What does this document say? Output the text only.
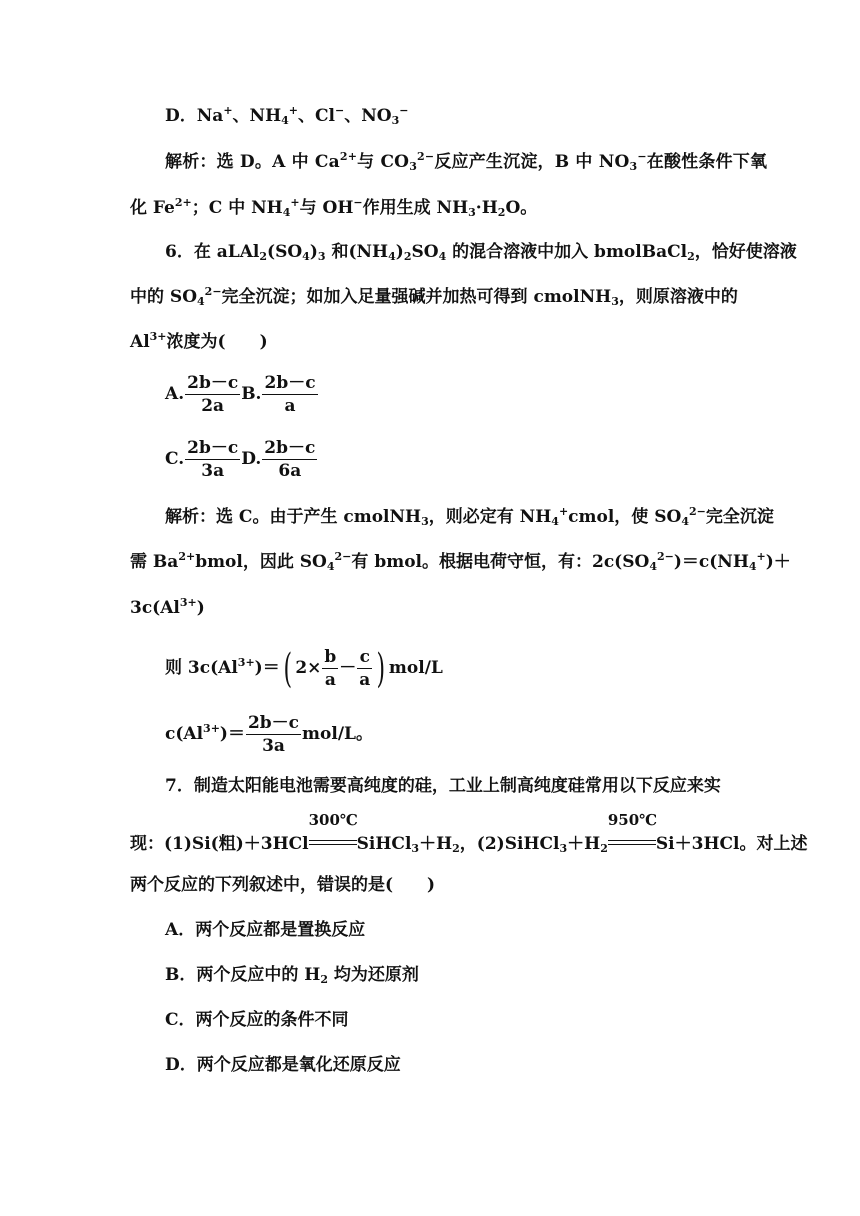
D．Na+、$NH_4^+$、Cl−、$NO_3^-$
解析：选 D。A 中 $Ca^{2+}$与 $CO_3^{2-}$反应产生沉淀，B 中 $NO_3^-$在酸性条件下氧
化 $Fe^{2+}$；C 中 $NH_4^+$与 OH−作用生成 $NH_3\cdot H_2O$。
6．在 $aLAl_2(SO_4)_3$ 和$(NH_4)_2SO_4$ 的混合溶液中加入 bmolBaCl$_2$，恰好使溶液
中的 $SO_4^{2-}$完全沉淀；如加入足量强碱并加热可得到 cmolNH$_3$，则原溶液中的
$Al^{3+}$浓度为(　　)
A. $\frac{2b-c}{2a} B$. $\frac{2b-c}{a}$
C. $\frac{2b-c}{3a} D$. $\frac{2b-c}{6a}$
解析：选 C。由于产生 cmolNH$_3$，则必定有 $NH_4^+cmol$，使 $SO_4^{2-}$完全沉淀
需 $Ba^{2+}bmol$，因此 $SO_4^{2-}$有 bmol。根据电荷守恒，有：$2c(SO_4^{2-})=c(NH_4^+)+$
$3c(Al^{3+})$
则 $3c(Al^{3+})=$( $2\times \frac{b}{a} - \frac{c}{a}$ ) mol/L
$c(Al^{3+})= \frac{2b-c}{3a} mol/L$。
7．制造太阳能电池需要高纯度的硅，工业上制高纯度硅常用以下反应来实
现：(1)Si(粗)＋3HCl
300℃
$SiHCl_3+H_2$，$(2)SiHCl_3+H_2$
950℃
Si＋3HCl。对上述
两个反应的下列叙述中，错误的是(　　)
A．两个反应都是置换反应
B．两个反应中的 $H_2$ 均为还原剂
C．两个反应的条件不同
D．两个反应都是氧化还原反应
